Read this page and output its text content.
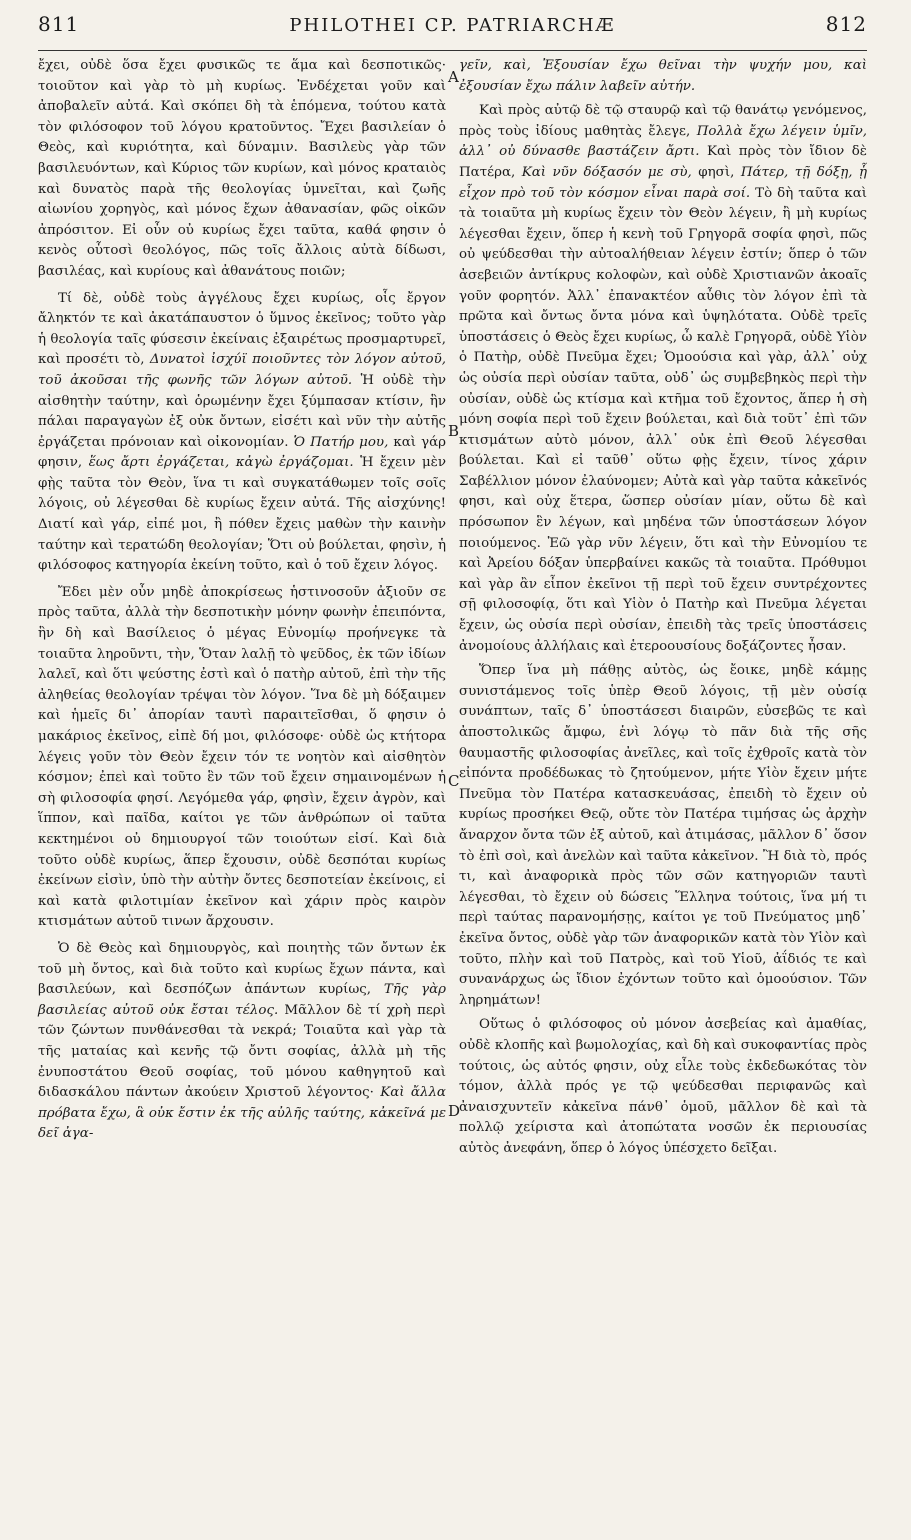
811	PHILOTHEI CP. PATRIARCHÆ	812

ἔχει, οὐδὲ ὅσα ἔχει φυσικῶς τε ἅμα καὶ δεσποτικῶς· τοιοῦτον καὶ γὰρ τὸ μὴ κυρίως. Ἐνδέχεται γοῦν καὶ ἀποβαλεῖν αὐτά. Καὶ σκόπει δὴ τὰ ἑπόμενα, τούτου κατὰ τὸν φιλόσοφον τοῦ λόγου κρατοῦντος. Ἔχει βασιλείαν ὁ Θεὸς, καὶ κυριότητα, καὶ δύναμιν. Βασιλεὺς γὰρ τῶν βασιλευόντων, καὶ Κύριος τῶν κυρίων, καὶ μόνος κραταιὸς καὶ δυνατὸς παρὰ τῆς θεολογίας ὑμνεῖται, καὶ ζωῆς αἰωνίου χορηγὸς, καὶ μόνος ἔχων ἀθανασίαν, φῶς οἰκῶν ἀπρόσιτον. Εἰ οὖν οὐ κυρίως ἔχει ταῦτα, καθά φησιν ὁ κενὸς οὗτοσὶ θεολόγος, πῶς τοῖς ἄλλοις αὐτὰ δίδωσι, βασιλέας, καὶ κυρίους καὶ ἀθανάτους ποιῶν;

Τί δὲ, οὐδὲ τοὺς ἀγγέλους ἔχει κυρίως, οἷς ἔργον ἄληκτόν τε καὶ ἀκατάπαυστον ὁ ὕμνος ἐκεῖνος; τοῦτο γὰρ ἡ θεολογία ταῖς φύσεσιν ἐκείναις ἐξαιρέτως προσμαρτυρεῖ, καὶ προσέτι τὸ, Δυνατοὶ ἰσχύϊ ποιοῦντες τὸν λόγον αὐτοῦ, τοῦ ἀκοῦσαι τῆς φωνῆς τῶν λόγων αὐτοῦ. Ἡ οὐδὲ τὴν αἰσθητὴν ταύτην, καὶ ὁρωμένην ἔχει ξύμπασαν κτίσιν, ἣν πάλαι παραγαγὼν ἐξ οὐκ ὄντων, εἰσέτι καὶ νῦν τὴν αὐτῆς ἐργάζεται πρόνοιαν καὶ οἰκονομίαν. Ὁ Πατήρ μου, καὶ γάρ φησιν, ἕως ἄρτι ἐργάζεται, κἀγὼ ἐργάζομαι. Ἡ ἔχειν μὲν φῂς ταῦτα τὸν Θεὸν, ἵνα τι καὶ συγκατάθωμεν τοῖς σοῖς λόγοις, οὐ λέγεσθαι δὲ κυρίως ἔχειν αὐτά. Τῆς αἰσχύνης! Διατί καὶ γάρ, εἰπέ μοι, ἢ πόθεν ἔχεις μαθὼν τὴν καινὴν ταύτην καὶ τερατώδη θεολογίαν; Ὅτι οὐ βούλεται, φησὶν, ἡ φιλόσοφος κατηγορία ἐκείνη τοῦτο, καὶ ὁ τοῦ ἔχειν λόγος.

Ἔδει μὲν οὖν μηδὲ ἀποκρίσεως ἡστινοσοῦν ἀξιοῦν σε πρὸς ταῦτα, ἀλλὰ τὴν δεσποτικὴν μόνην φωνὴν ἐπειπόντα, ἣν δὴ καὶ Βασίλειος ὁ μέγας Εὐνομίῳ προήνεγκε τὰ τοιαῦτα ληροῦντι, τὴν, Ὅταν λαλῇ τὸ ψεῦδος, ἐκ τῶν ἰδίων λαλεῖ, καὶ ὅτι ψεύστης ἐστὶ καὶ ὁ πατὴρ αὐτοῦ, ἐπὶ τὴν τῆς ἀληθείας θεολογίαν τρέψαι τὸν λόγον. Ἵνα δὲ μὴ δόξαιμεν καὶ ἡμεῖς δι᾽ ἀπορίαν ταυτὶ παραιτεῖσθαι, ὅ φησιν ὁ μακάριος ἐκεῖνος, εἰπὲ δή μοι, φιλόσοφε· οὐδὲ ὡς κτήτορα λέγεις γοῦν τὸν Θεὸν ἔχειν τόν τε νοητὸν καὶ αἰσθητὸν κόσμον; ἐπεὶ καὶ τοῦτο ἓν τῶν τοῦ ἔχειν σημαινομένων ἡ σὴ φιλοσοφία φησί. Λεγόμεθα γάρ, φησὶν, ἔχειν ἀγρὸν, καὶ ἵππον, καὶ παῖδα, καίτοι γε τῶν ἀνθρώπων οἱ ταῦτα κεκτημένοι οὐ δημιουργοί τῶν τοιούτων εἰσί. Καὶ διὰ τοῦτο οὐδὲ κυρίως, ἅπερ ἔχουσιν, οὐδὲ δεσπόται κυρίως ἐκείνων εἰσὶν, ὑπὸ τὴν αὐτὴν ὄντες δεσποτείαν ἐκείνοις, εἰ καὶ κατὰ φιλοτιμίαν ἐκεῖνον καὶ χάριν πρὸς καιρὸν κτισμάτων αὐτοῦ τινων ἄρχουσιν.

Ὁ δὲ Θεὸς καὶ δημιουργὸς, καὶ ποιητὴς τῶν ὄντων ἐκ τοῦ μὴ ὄντος, καὶ διὰ τοῦτο καὶ κυρίως ἔχων πάντα, καὶ βασιλεύων, καὶ δεσπόζων ἁπάντων κυρίως, Τῆς γὰρ βασιλείας αὐτοῦ οὐκ ἔσται τέλος. Μᾶλλον δὲ τί χρὴ περὶ τῶν ζώντων πυνθάνεσθαι τὰ νεκρά; Τοιαῦτα καὶ γὰρ τὰ τῆς ματαίας καὶ κενῆς τῷ ὄντι σοφίας, ἀλλὰ μὴ τῆς ἐνυποστάτου Θεοῦ σοφίας, τοῦ μόνου καθηγητοῦ καὶ διδασκάλου πάντων ἀκούειν Χριστοῦ λέγοντος· Καὶ ἄλλα πρόβατα ἔχω, ἃ οὐκ ἔστιν ἐκ τῆς αὐλῆς ταύτης, κἀκεῖνά με δεῖ ἀγα-

A
B
C
D

γεῖν, καὶ, Ἐξουσίαν ἔχω θεῖναι τὴν ψυχήν μου, καὶ ἐξουσίαν ἔχω πάλιν λαβεῖν αὐτήν.

Καὶ πρὸς αὐτῷ δὲ τῷ σταυρῷ καὶ τῷ θανάτῳ γενόμενος, πρὸς τοὺς ἰδίους μαθητὰς ἔλεγε, Πολλὰ ἔχω λέγειν ὑμῖν, ἀλλ᾽ οὐ δύνασθε βαστάζειν ἄρτι. Καὶ πρὸς τὸν ἴδιον δὲ Πατέρα, Καὶ νῦν δόξασόν με σὺ, φησὶ, Πάτερ, τῇ δόξῃ, ᾗ εἶχον πρὸ τοῦ τὸν κόσμον εἶναι παρὰ σοί. Τὸ δὴ ταῦτα καὶ τὰ τοιαῦτα μὴ κυρίως ἔχειν τὸν Θεὸν λέγειν, ἢ μὴ κυρίως λέγεσθαι ἔχειν, ὅπερ ἡ κενὴ τοῦ Γρηγορᾶ σοφία φησὶ, πῶς οὐ ψεύδεσθαι τὴν αὐτοαλήθειαν λέγειν ἐστίν; ὅπερ ὁ τῶν ἀσεβειῶν ἀντίκρυς κολοφὼν, καὶ οὐδὲ Χριστιανῶν ἀκοαῖς γοῦν φορητόν. Ἀλλ᾽ ἐπανακτέον αὖθις τὸν λόγον ἐπὶ τὰ πρῶτα καὶ ὄντως ὄντα μόνα καὶ ὑψηλότατα. Οὐδὲ τρεῖς ὑποστάσεις ὁ Θεὸς ἔχει κυρίως, ὦ καλὲ Γρηγορᾶ, οὐδὲ Υἱὸν ὁ Πατὴρ, οὐδὲ Πνεῦμα ἔχει; Ὁμοούσια καὶ γὰρ, ἀλλ᾽ οὐχ ὡς οὐσία περὶ οὐσίαν ταῦτα, οὐδ᾽ ὡς συμβεβηκὸς περὶ τὴν οὐσίαν, οὐδὲ ὡς κτίσμα καὶ κτῆμα τοῦ ἔχοντος, ἅπερ ἡ σὴ μόνη σοφία περὶ τοῦ ἔχειν βούλεται, καὶ διὰ τοῦτ᾽ ἐπὶ τῶν κτισμάτων αὐτὸ μόνον, ἀλλ᾽ οὐκ ἐπὶ Θεοῦ λέγεσθαι βούλεται. Καὶ εἰ ταῦθ᾽ οὕτω φῂς ἔχειν, τίνος χάριν Σαβέλλιον μόνον ἐλαύνομεν; Αὐτὰ καὶ γὰρ ταῦτα κἀκεῖνός φησι, καὶ οὐχ ἕτερα, ὥσπερ οὐσίαν μίαν, οὕτω δὲ καὶ πρόσωπον ἓν λέγων, καὶ μηδένα τῶν ὑποστάσεων λόγον ποιούμενος. Ἐῶ γὰρ νῦν λέγειν, ὅτι καὶ τὴν Εὐνομίου τε καὶ Ἀρείου δόξαν ὑπερβαίνει κακῶς τὰ τοιαῦτα. Πρόθυμοι καὶ γὰρ ἂν εἶπον ἐκεῖνοι τῇ περὶ τοῦ ἔχειν συντρέχοντες σῇ φιλοσοφίᾳ, ὅτι καὶ Υἱὸν ὁ Πατὴρ καὶ Πνεῦμα λέγεται ἔχειν, ὡς οὐσία περὶ οὐσίαν, ἐπειδὴ τὰς τρεῖς ὑποστάσεις ἀνομοίους ἀλλήλαις καὶ ἑτεροουσίους δοξάζοντες ἦσαν.

Ὅπερ ἵνα μὴ πάθῃς αὐτὸς, ὡς ἔοικε, μηδὲ κάμῃς συνιστάμενος τοῖς ὑπὲρ Θεοῦ λόγοις, τῇ μὲν οὐσίᾳ συνάπτων, ταῖς δ᾽ ὑποστάσεσι διαιρῶν, εὐσεβῶς τε καὶ ἀποστολικῶς ἄμφω, ἑνὶ λόγῳ τὸ πᾶν διὰ τῆς σῆς θαυμαστῆς φιλοσοφίας ἀνεῖλες, καὶ τοῖς ἐχθροῖς κατὰ τὸν εἰπόντα προδέδωκας τὸ ζητούμενον, μήτε Υἱὸν ἔχειν μήτε Πνεῦμα τὸν Πατέρα κατασκευάσας, ἐπειδὴ τὸ ἔχειν οὐ κυρίως προσήκει Θεῷ, οὔτε τὸν Πατέρα τιμήσας ὡς ἀρχὴν ἄναρχον ὄντα τῶν ἐξ αὐτοῦ, καὶ ἀτιμάσας, μᾶλλον δ᾽ ὅσον τὸ ἐπὶ σοὶ, καὶ ἀνελὼν καὶ ταῦτα κἀκεῖνον. Ἢ διὰ τὸ, πρός τι, καὶ ἀναφορικὰ πρὸς τῶν σῶν κατηγοριῶν ταυτὶ λέγεσθαι, τὸ ἔχειν οὐ δώσεις Ἕλληνα τούτοις, ἵνα μή τι περὶ ταύτας παρανομήσῃς, καίτοι γε τοῦ Πνεύματος μηδ᾽ ἐκεῖνα ὄντος, οὐδὲ γὰρ τῶν ἀναφορικῶν κατὰ τὸν Υἱὸν καὶ τοῦτο, πλὴν καὶ τοῦ Πατρὸς, καὶ τοῦ Υἱοῦ, ἀΐδιός τε καὶ συνανάρχως ὡς ἴδιον ἐχόντων τοῦτο καὶ ὁμοούσιον. Τῶν ληρημάτων!

Οὕτως ὁ φιλόσοφος οὐ μόνον ἀσεβείας καὶ ἀμαθίας, οὐδὲ κλοπῆς καὶ βωμολοχίας, καὶ δὴ καὶ συκοφαντίας πρὸς τούτοις, ὡς αὐτός φησιν, οὐχ εἶλε τοὺς ἐκδεδωκότας τὸν τόμον, ἀλλὰ πρός γε τῷ ψεύδεσθαι περιφανῶς καὶ ἀναισχυντεῖν κἀκεῖνα πάνθ᾽ ὁμοῦ, μᾶλλον δὲ καὶ τὰ πολλῷ χείριστα καὶ ἀτοπώτατα νοσῶν ἐκ περιουσίας αὐτὸς ἀνεφάνη, ὅπερ ὁ λόγος ὑπέσχετο δεῖξαι.
